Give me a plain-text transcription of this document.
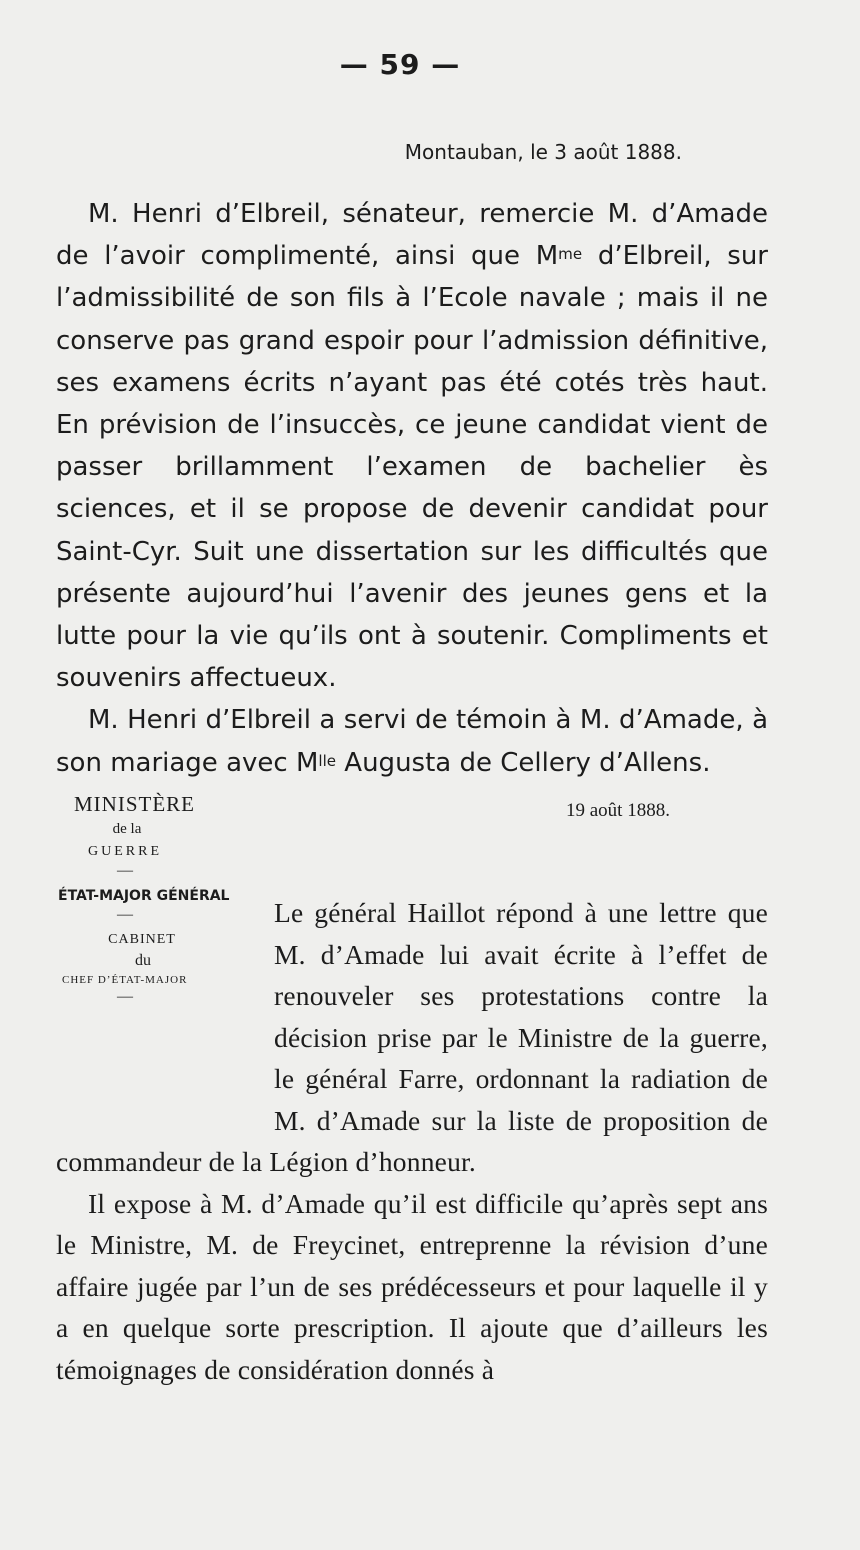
— 59 —
Montauban, le 3 août 1888.

M. Henri d’Elbreil, sénateur, remercie M. d’Amade de l’avoir complimenté, ainsi que $M^{me}$ d’Elbreil, sur l’admissibilité de son fils à l’Ecole navale ; mais il ne conserve pas grand espoir pour l’admission définitive, ses examens écrits n’ayant pas été cotés très haut. En prévision de l’insuccès, ce jeune candidat vient de passer brillamment l’examen de bachelier ès sciences, et il se propose de devenir candidat pour Saint-Cyr. Suit une dissertation sur les difficultés que présente aujourd’hui l’avenir des jeunes gens et la lutte pour la vie qu’ils ont à soutenir. Compliments et souvenirs affectueux.

M. Henri d’Elbreil a servi de témoin à M. d’Amade, à son mariage avec $M^{lle}$ Augusta de Cellery d’Allens.

MINISTÈRE
de la
GUERRE
—
ÉTAT-MAJOR GÉNÉRAL
—
CABINET
du
CHEF D’ÉTAT-MAJOR
—
19 août 1888.

Le général Haillot répond à une lettre que M. d’Amade lui avait écrite à l’effet de renouveler ses protestations contre la décision prise par le Ministre de la guerre, le général Farre, ordonnant la radiation de M. d’Amade sur la liste de proposition de commandeur de la Légion d’honneur.

Il expose à M. d’Amade qu’il est difficile qu’après sept ans le Ministre, M. de Freycinet, entreprenne la révision d’une affaire jugée par l’un de ses prédécesseurs et pour laquelle il y a en quelque sorte prescription. Il ajoute que d’ailleurs les témoignages de considération donnés à
